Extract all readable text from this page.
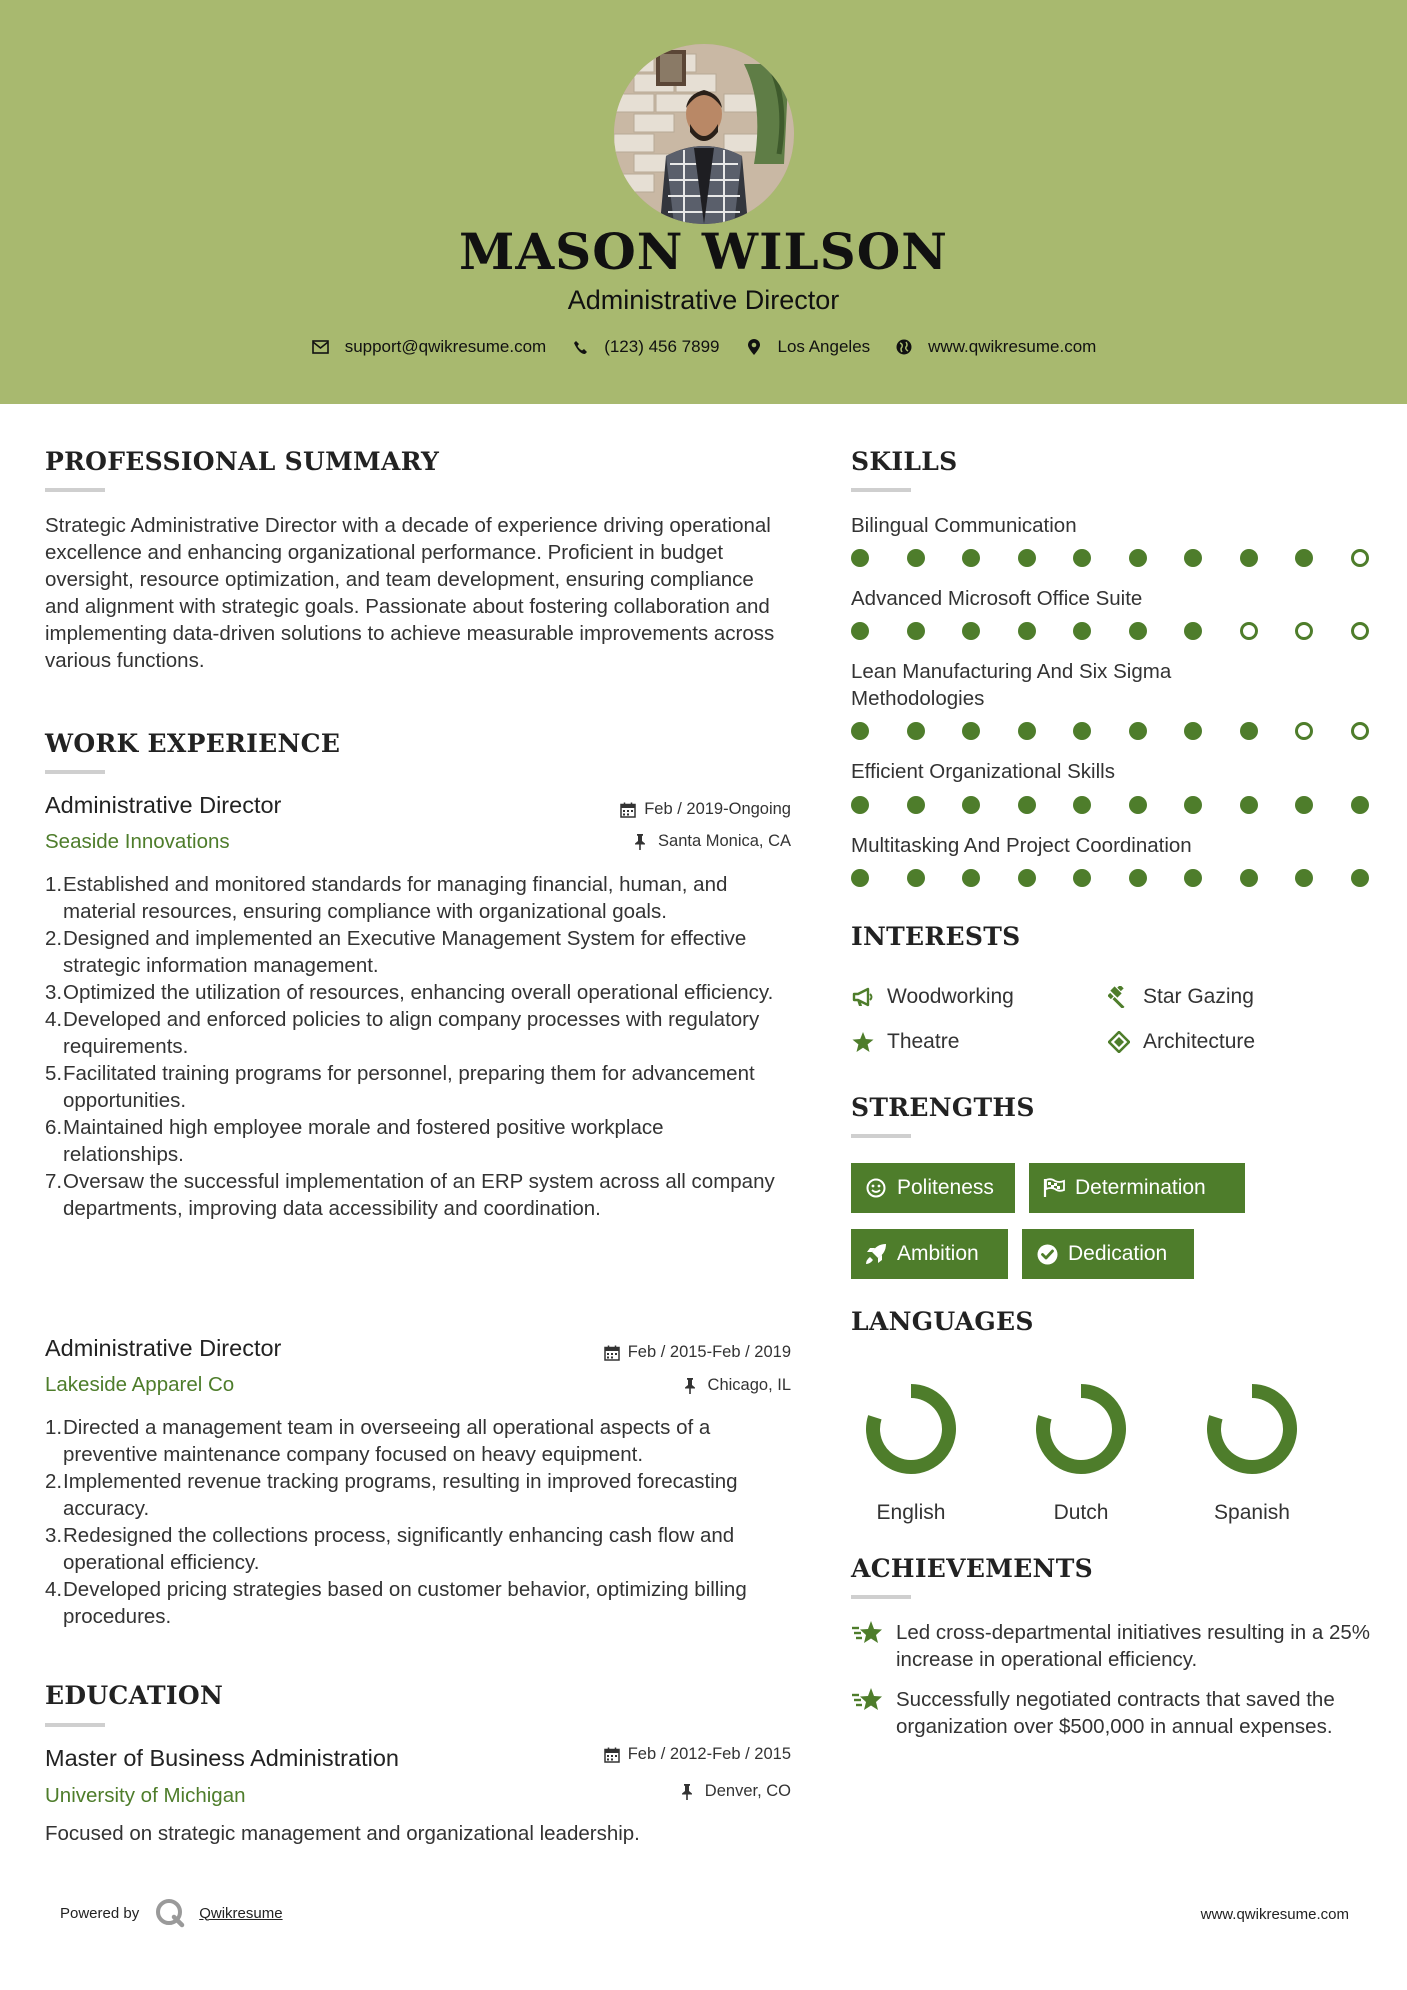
MASON WILSON
Administrative Director
support@qwikresume.com	(123) 456 7899	Los Angeles	www.qwikresume.com
PROFESSIONAL SUMMARY
Strategic Administrative Director with a decade of experience driving operational excellence and enhancing organizational performance. Proficient in budget oversight, resource optimization, and team development, ensuring compliance and alignment with strategic goals. Passionate about fostering collaboration and implementing data-driven solutions to achieve measurable improvements across various functions.
WORK EXPERIENCE
Administrative Director
Seaside Innovations
Feb / 2019-Ongoing
Santa Monica, CA
1. Established and monitored standards for managing financial, human, and material resources, ensuring compliance with organizational goals.
2. Designed and implemented an Executive Management System for effective strategic information management.
3. Optimized the utilization of resources, enhancing overall operational efficiency.
4. Developed and enforced policies to align company processes with regulatory requirements.
5. Facilitated training programs for personnel, preparing them for advancement opportunities.
6. Maintained high employee morale and fostered positive workplace relationships.
7. Oversaw the successful implementation of an ERP system across all company departments, improving data accessibility and coordination.
Administrative Director
Lakeside Apparel Co
Feb / 2015-Feb / 2019
Chicago, IL
1. Directed a management team in overseeing all operational aspects of a preventive maintenance company focused on heavy equipment.
2. Implemented revenue tracking programs, resulting in improved forecasting accuracy.
3. Redesigned the collections process, significantly enhancing cash flow and operational efficiency.
4. Developed pricing strategies based on customer behavior, optimizing billing procedures.
EDUCATION
Master of Business Administration
University of Michigan
Feb / 2012-Feb / 2015
Denver, CO
Focused on strategic management and organizational leadership.
SKILLS
Bilingual Communication
Advanced Microsoft Office Suite
Lean Manufacturing And Six Sigma Methodologies
Efficient Organizational Skills
Multitasking And Project Coordination
INTERESTS
Woodworking	Star Gazing
Theatre	Architecture
STRENGTHS
Politeness	Determination
Ambition	Dedication
LANGUAGES
English	Dutch	Spanish
ACHIEVEMENTS
Led cross-departmental initiatives resulting in a 25% increase in operational efficiency.
Successfully negotiated contracts that saved the organization over $500,000 in annual expenses.
Powered by	Qwikresume	www.qwikresume.com
